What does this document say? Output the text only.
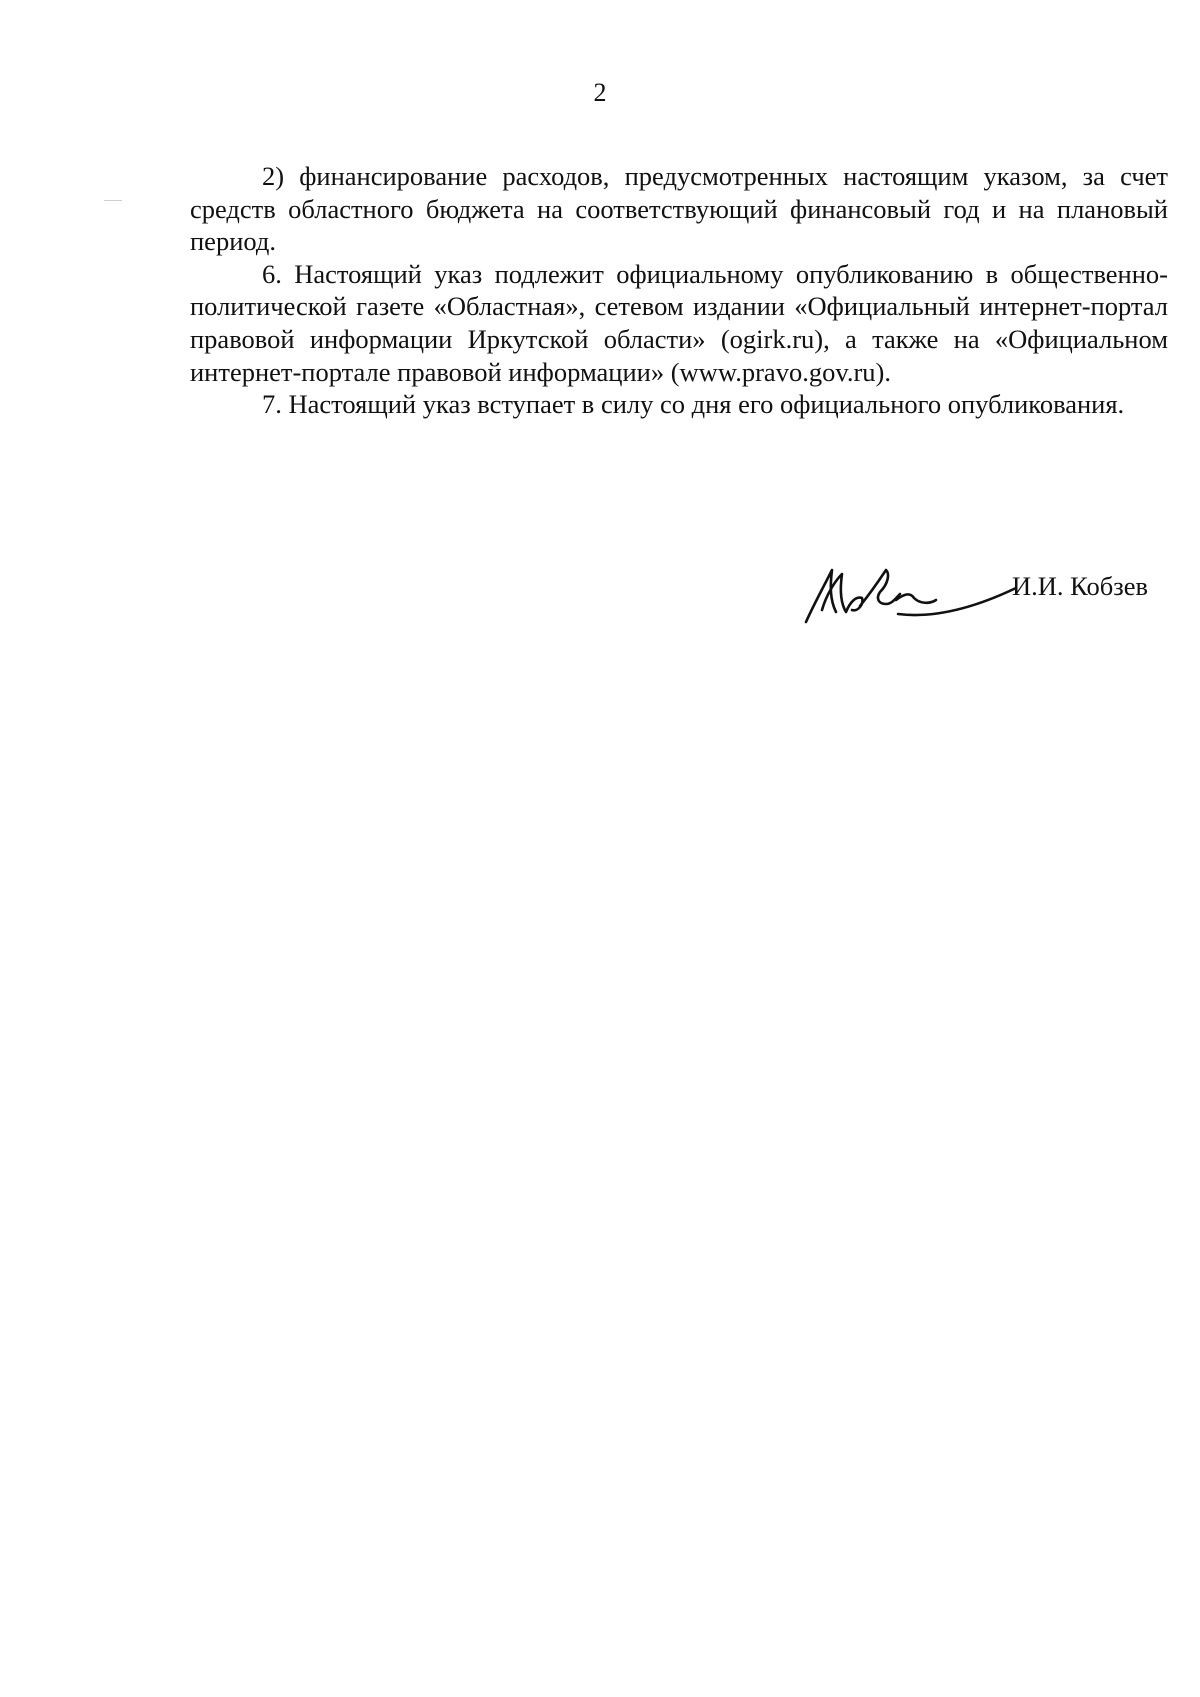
2

2) финансирование расходов, предусмотренных настоящим указом, за счет средств областного бюджета на соответствующий финансовый год и на плановый период.

6. Настоящий указ подлежит официальному опубликованию в общественно-политической газете «Областная», сетевом издании «Официальный интернет-портал правовой информации Иркутской области» (ogirk.ru), а также на «Официальном интернет-портале правовой информации» (www.pravo.gov.ru).

7. Настоящий указ вступает в силу со дня его официального опубликования.

И.И. Кобзев
